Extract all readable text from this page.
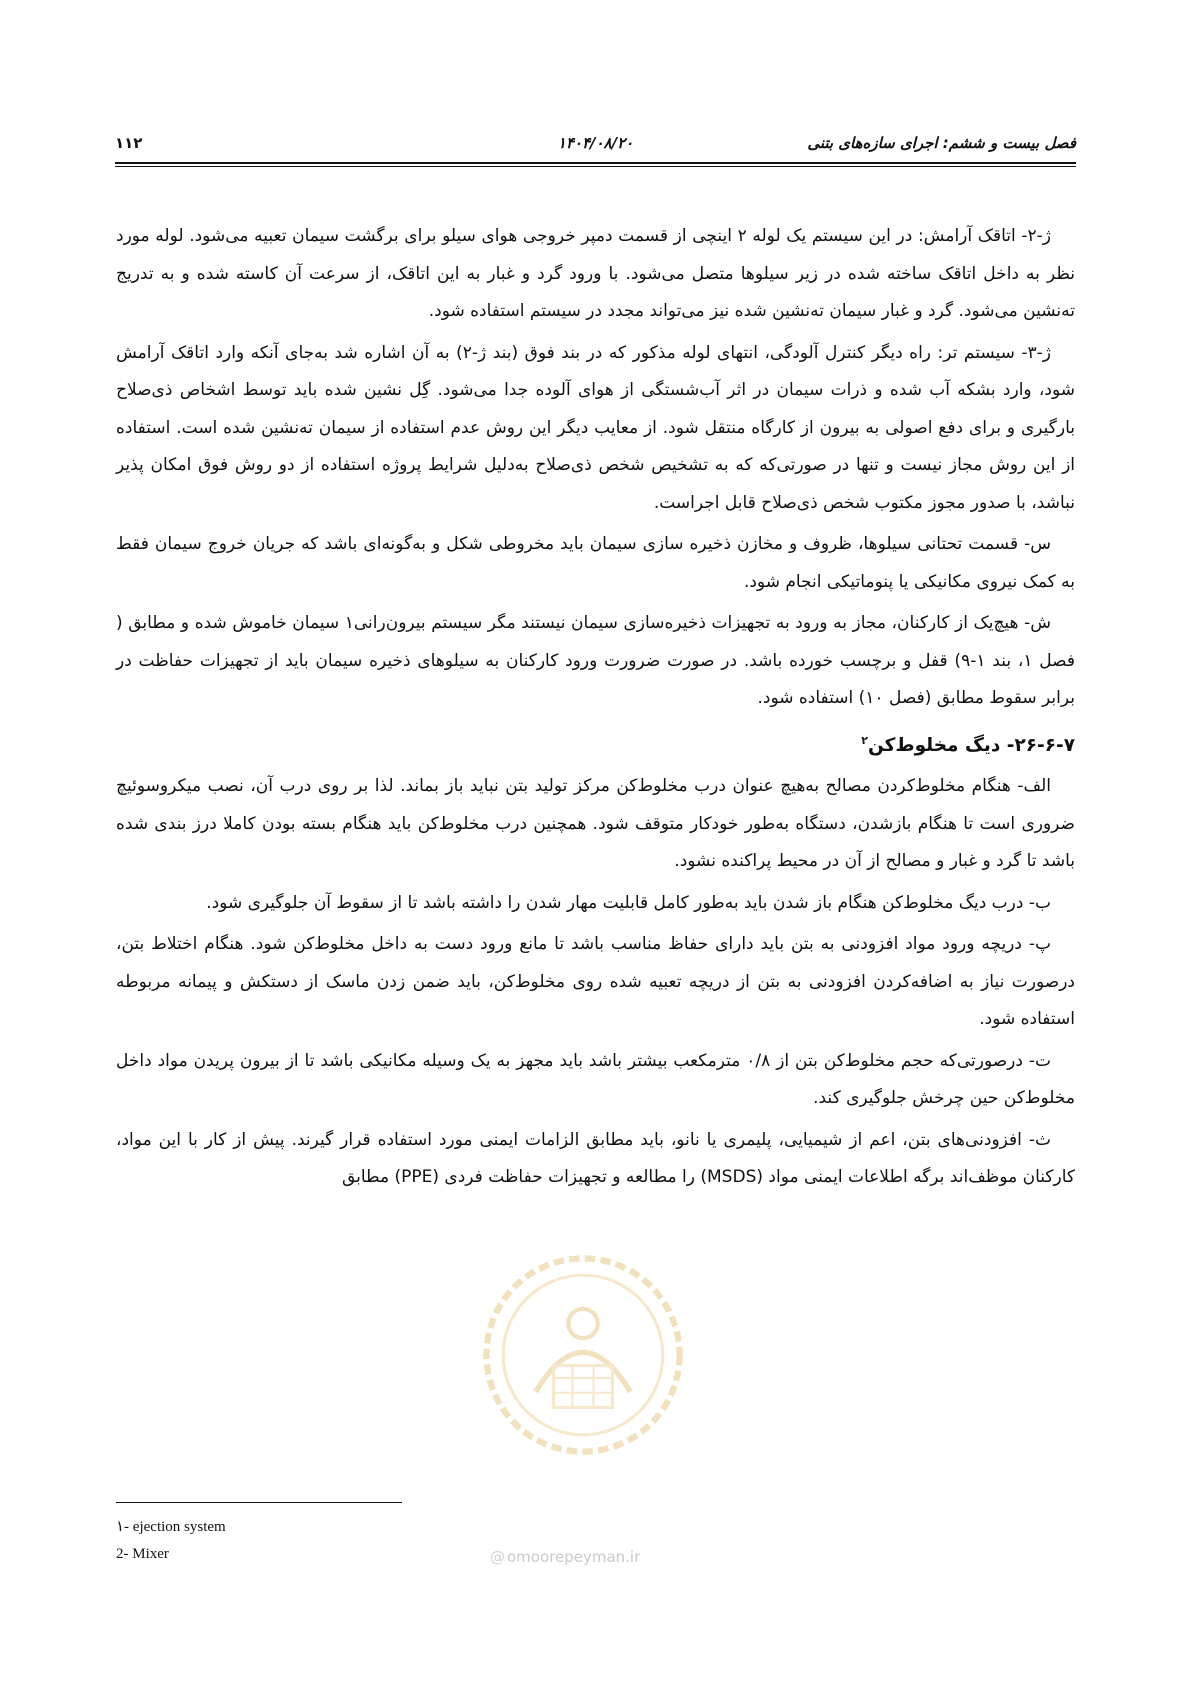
فصل بیست و ششم: اجرای سازه‌های بتنی
۱۴۰۴/۰۸/۲۰
۱۱۲

ژ-۲- اتاقک آرامش: در این سیستم یک لوله ۲ اینچی از قسمت دمپر خروجی هوای سیلو برای برگشت سیمان تعبیه می‌شود. لوله مورد نظر به داخل اتاقک ساخته شده در زیر سیلوها متصل می‌شود. با ورود گرد و غبار به این اتاقک، از سرعت آن کاسته شده و به تدریج ته‌نشین می‌شود. گرد و غبار سیمان ته‌نشین شده نیز می‌تواند مجدد در سیستم استفاده شود.

ژ-۳- سیستم تر: راه دیگر کنترل آلودگی، انتهای لوله مذکور که در بند فوق (بند ژ-۲) به آن اشاره شد به‌جای آنکه وارد اتاقک آرامش شود، وارد بشکه آب شده و ذرات سیمان در اثر آب‌شستگی از هوای آلوده جدا می‌شود. گِل نشین شده باید توسط اشخاص ذی‌صلاح بارگیری و برای دفع اصولی به بیرون از کارگاه منتقل شود. از معایب دیگر این روش عدم استفاده از سیمان ته‌نشین شده است. استفاده از این روش مجاز نیست و تنها در صورتی‌که که به تشخیص شخص ذی‌صلاح به‌دلیل شرایط پروژه استفاده از دو روش فوق امکان پذیر نباشد، با صدور مجوز مکتوب شخص ذی‌صلاح قابل اجراست.

س- قسمت تحتانی سیلوها، ظروف و مخازن ذخیره سازی سیمان باید مخروطی شکل و به‌گونه‌ای باشد که جریان خروج سیمان فقط به کمک نیروی مکانیکی یا پنوماتیکی انجام شود.

ش- هیچ‌یک از کارکنان، مجاز به ورود به تجهیزات ذخیره‌سازی سیمان نیستند مگر سیستم بیرون‌رانی۱ سیمان خاموش شده و مطابق ( فصل ۱، بند ۱-۹) قفل و برچسب خورده باشد. در صورت ضرورت ورود کارکنان به سیلوهای ذخیره سیمان باید از تجهیزات حفاظت در برابر سقوط مطابق (فصل ۱۰) استفاده شود.

۲۶-۶-۷- دیگ مخلوط‌کن$^۲$

الف- هنگام مخلوط‌کردن مصالح به‌هیچ عنوان درب مخلوط‌کن مرکز تولید بتن نباید باز بماند. لذا بر روی درب آن، نصب میکروسوئیچ ضروری است تا هنگام بازشدن، دستگاه به‌طور خودکار متوقف شود. همچنین درب مخلوط‌کن باید هنگام بسته بودن کاملا درز بندی شده باشد تا گرد و غبار و مصالح از آن در محیط پراکنده نشود.

ب- درب دیگ مخلوط‌کن هنگام باز شدن باید به‌طور کامل قابلیت مهار شدن را داشته باشد تا از سقوط آن جلوگیری شود.

پ- دریچه ورود مواد افزودنی به بتن باید دارای حفاظ مناسب باشد تا مانع ورود دست به داخل مخلوط‌کن شود. هنگام اختلاط بتن، درصورت نیاز به اضافه‌کردن افزودنی به بتن از دریچه تعبیه شده روی مخلوط‌کن، باید ضمن زدن ماسک از دستکش و پیمانه مربوطه استفاده شود.

ت- درصورتی‌که حجم مخلوط‌کن بتن از ۰/۸ مترمکعب بیشتر باشد باید مجهز به یک وسیله مکانیکی باشد تا از بیرون پریدن مواد داخل مخلوط‌کن حین چرخش جلوگیری کند.

ث- افزودنی‌های بتن، اعم از شیمیایی، پلیمری یا نانو، باید مطابق الزامات ایمنی مورد استفاده قرار گیرند. پیش از کار با این مواد، کارکنان موظف‌اند برگه اطلاعات ایمنی مواد (MSDS) را مطالعه و تجهیزات حفاظت فردی (PPE) مطابق

@ omoorepeyman.ir
۱- ejection system
2- Mixer
